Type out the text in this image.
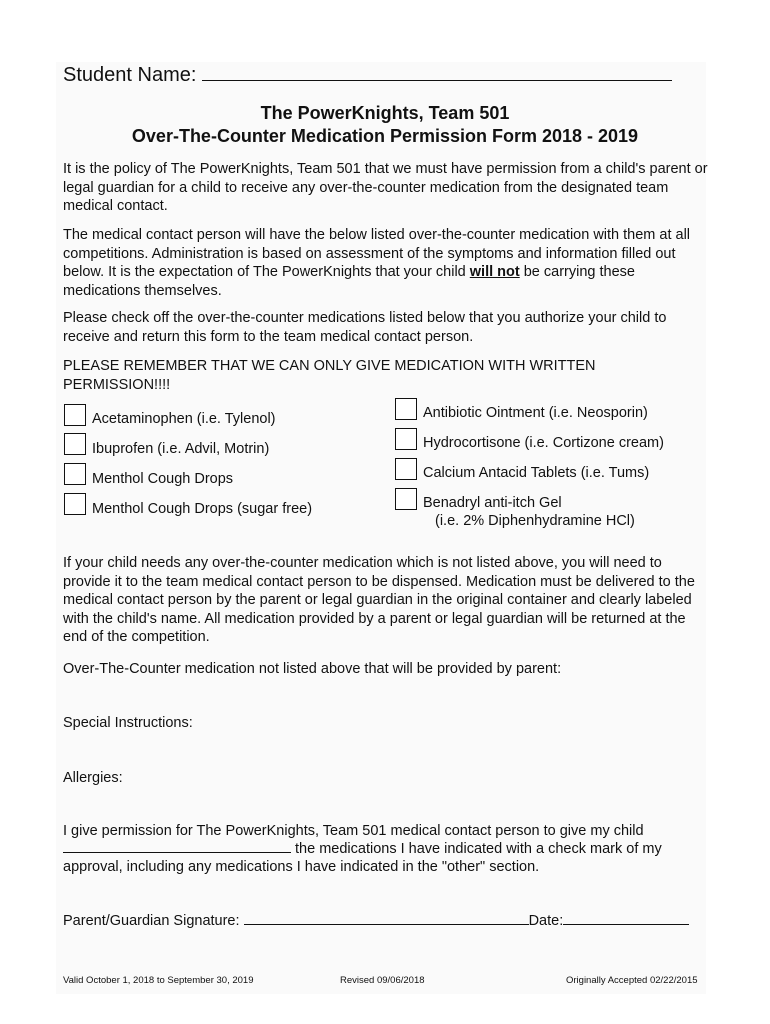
Student Name:
The PowerKnights, Team 501
Over-The-Counter Medication Permission Form 2018 - 2019
It is the policy of The PowerKnights, Team 501 that we must have permission from a child's parent or legal guardian for a child to receive any over-the-counter medication from the designated team medical contact.
The medical contact person will have the below listed over-the-counter medication with them at all competitions. Administration is based on assessment of the symptoms and information filled out below. It is the expectation of The PowerKnights that your child will not be carrying these medications themselves.
Please check off the over-the-counter medications listed below that you authorize your child to receive and return this form to the team medical contact person.
PLEASE REMEMBER THAT WE CAN ONLY GIVE MEDICATION WITH WRITTEN PERMISSION!!!!
Acetaminophen (i.e. Tylenol)
Ibuprofen (i.e. Advil, Motrin)
Menthol Cough Drops
Menthol Cough Drops (sugar free)
Antibiotic Ointment (i.e. Neosporin)
Hydrocortisone (i.e. Cortizone cream)
Calcium Antacid Tablets (i.e. Tums)
Benadryl anti-itch Gel
(i.e. 2% Diphenhydramine HCl)
If your child needs any over-the-counter medication which is not listed above, you will need to provide it to the team medical contact person to be dispensed. Medication must be delivered to the medical contact person by the parent or legal guardian in the original container and clearly labeled with the child's name. All medication provided by a parent or legal guardian will be returned at the end of the competition.
Over-The-Counter medication not listed above that will be provided by parent:
Special Instructions:
Allergies:
I give permission for The PowerKnights, Team 501 medical contact person to give my child
the medications I have indicated with a check mark of my
approval, including any medications I have indicated in the "other" section.
Parent/Guardian Signature:	Date:
Valid October 1, 2018 to September 30, 2019	Revised 09/06/2018	Originally Accepted 02/22/2015
